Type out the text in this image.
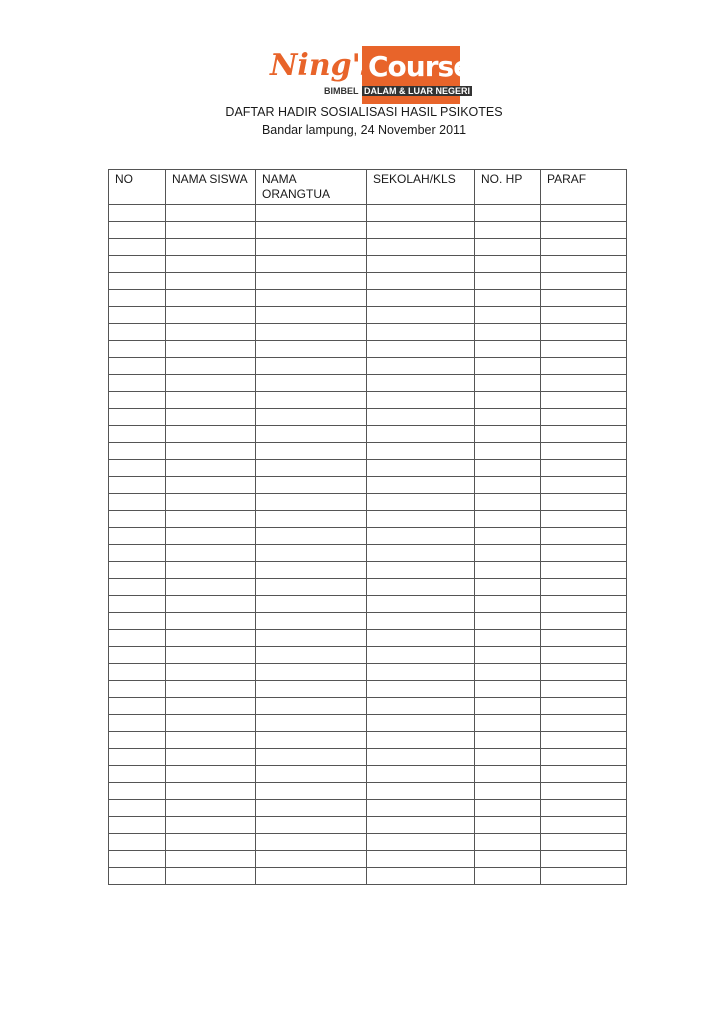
Ning's
Course
BIMBEL DALAM & LUAR NEGERI
DAFTAR HADIR SOSIALISASI HASIL PSIKOTES
Bandar lampung, 24 November 2011
NO	NAMA SISWA	NAMA ORANGTUA	SEKOLAH/KLS	NO. HP	PARAF
